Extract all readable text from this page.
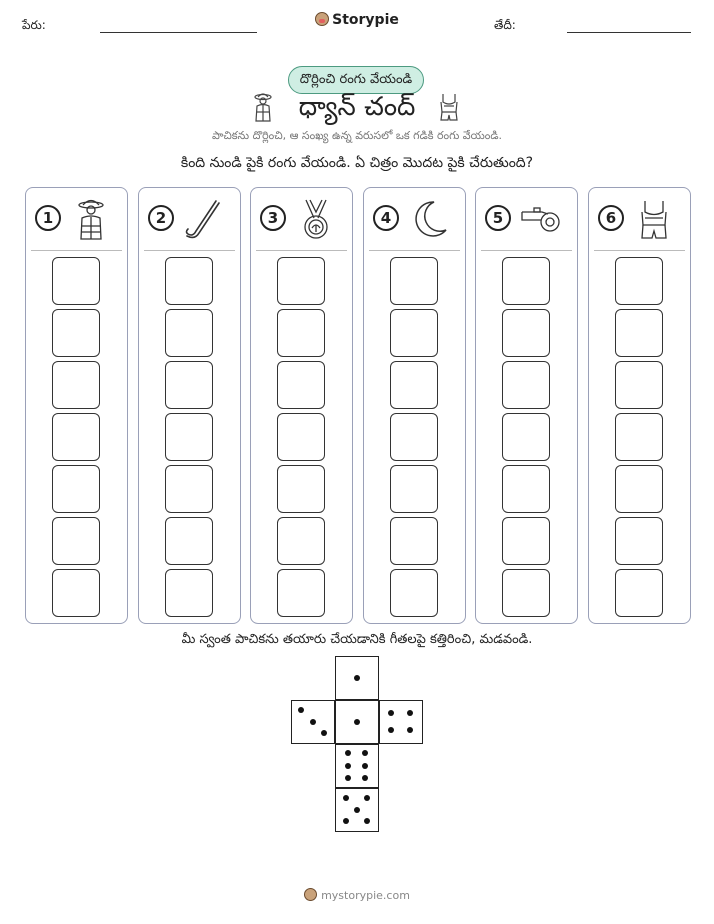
పేరు:	Storypie	తేదీ:
దొర్లించి రంగు వేయండి
ధ్యాన్ చంద్
పాచికను దొర్లించి, ఆ సంఖ్య ఉన్న వరుసలో ఒక గడికి రంగు వేయండి.
కింది నుండి పైకి రంగు వేయండి. ఏ చిత్రం మొదట పైకి చేరుతుంది?
1	2	3	4	5	6
మీ స్వంత పాచికను తయారు చేయడానికి గీతలపై కత్తిరించి, మడవండి.
mystorypie.com
